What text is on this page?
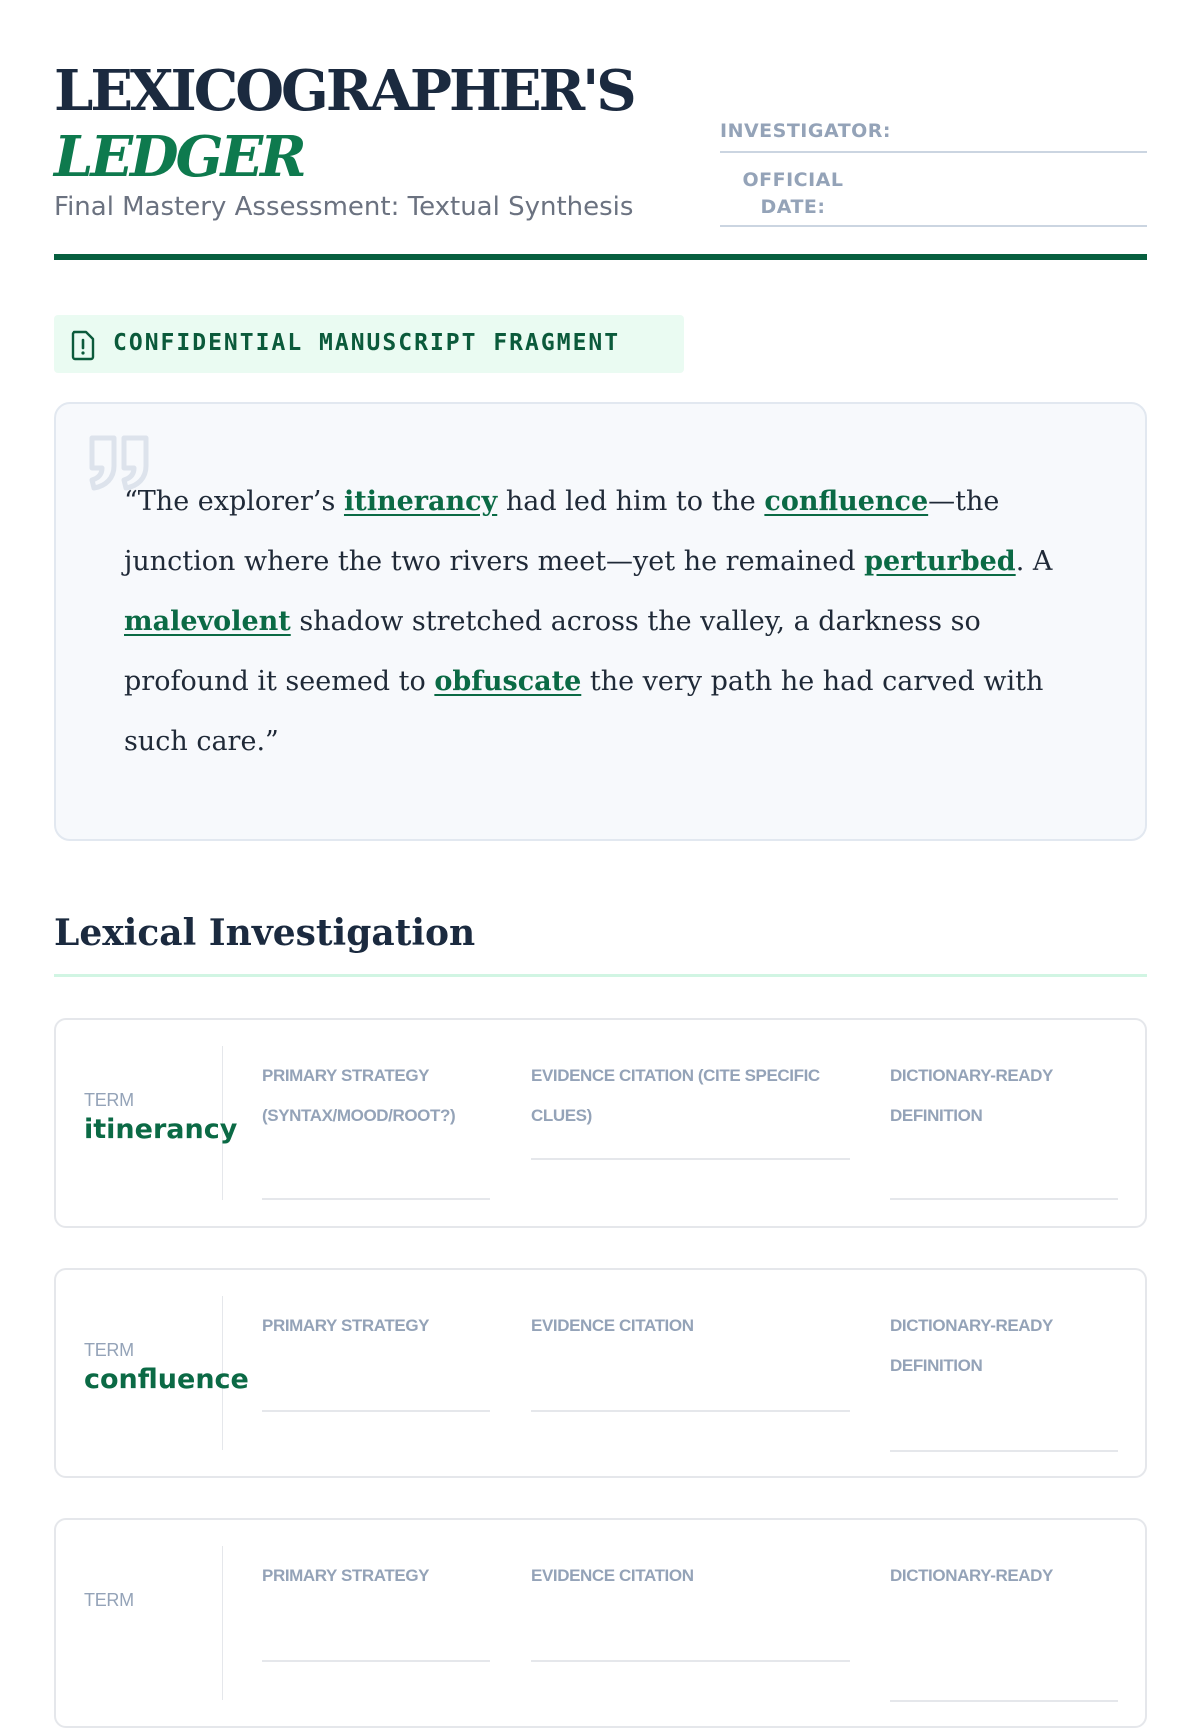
LEXICOGRAPHER'S
LEDGER
Final Mastery Assessment: Textual Synthesis
INVESTIGATOR:
OFFICIAL DATE:
CONFIDENTIAL MANUSCRIPT FRAGMENT

“The explorer’s itinerancy had led him to the confluence—the junction where the two rivers meet—yet he remained perturbed. A malevolent shadow stretched across the valley, a darkness so profound it seemed to obfuscate the very path he had carved with such care.”

Lexical Investigation
TERM
itinerancy
PRIMARY STRATEGY (SYNTAX/MOOD/ROOT?)
EVIDENCE CITATION (CITE SPECIFIC CLUES)
DICTIONARY-READY DEFINITION
TERM
confluence
PRIMARY STRATEGY	EVIDENCE CITATION	DICTIONARY-READY DEFINITION
TERM
PRIMARY STRATEGY	EVIDENCE CITATION	DICTIONARY-READY
